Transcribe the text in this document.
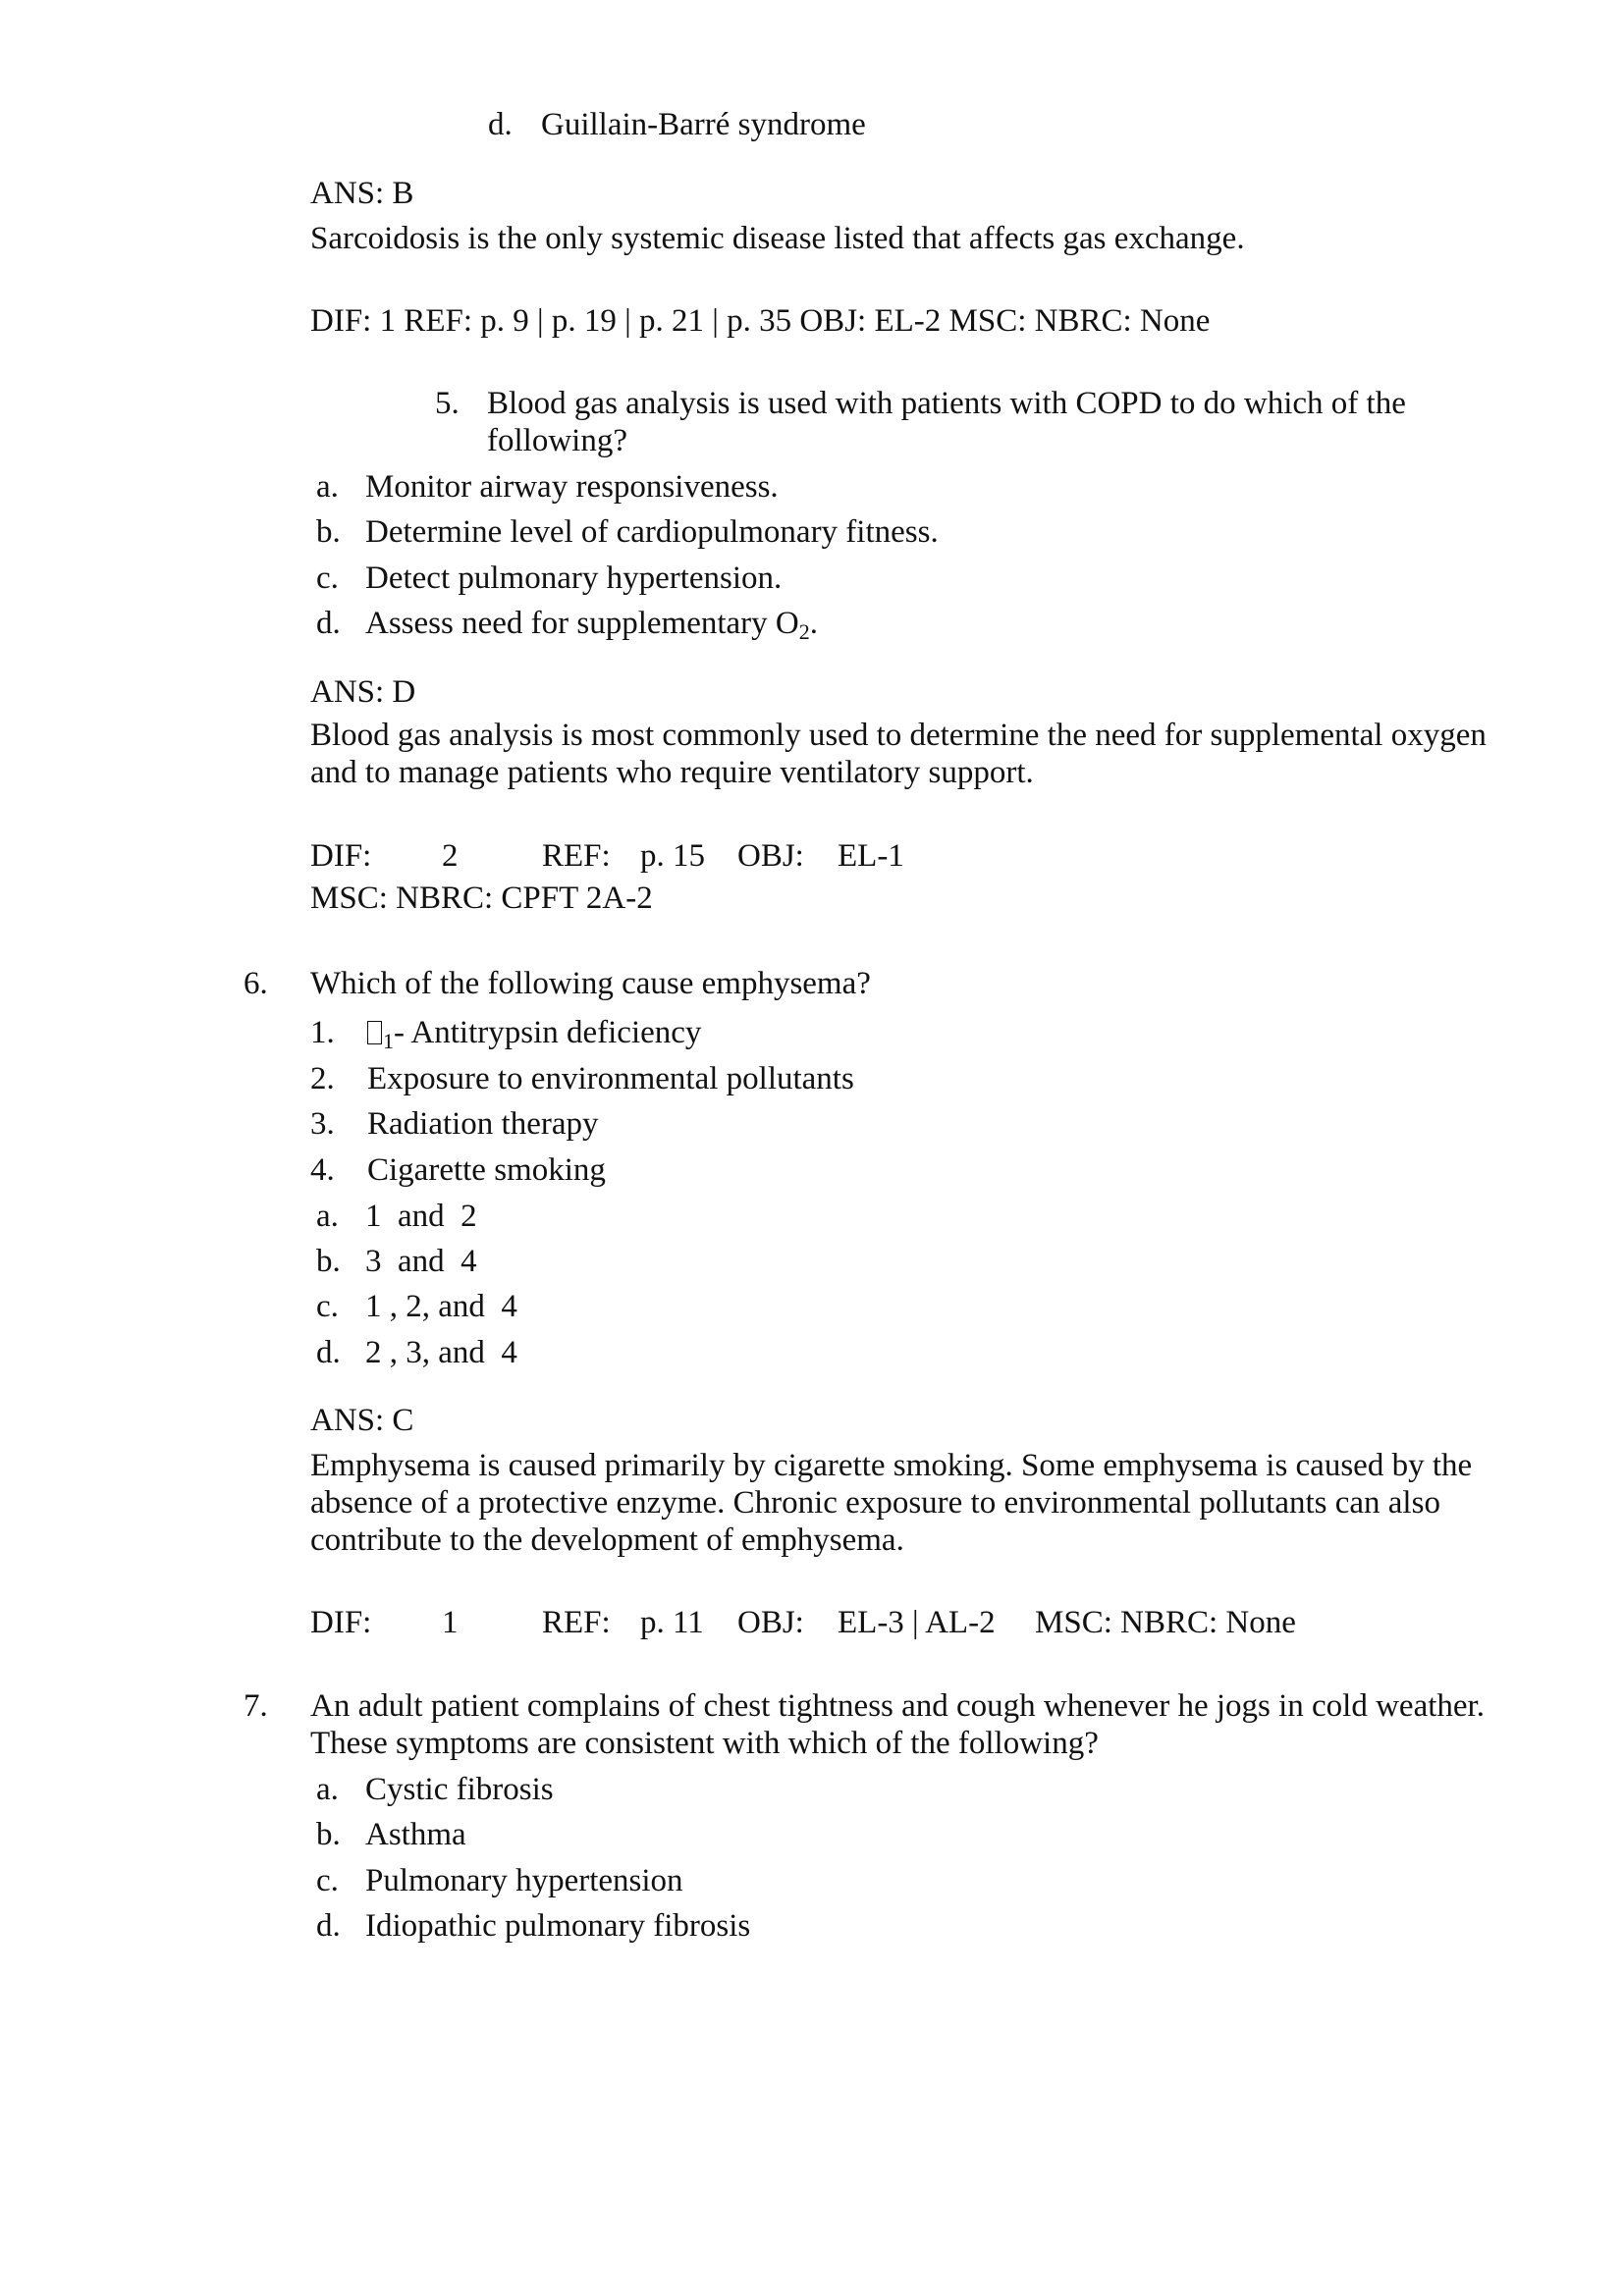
d. Guillain-Barré syndrome
ANS: B
Sarcoidosis is the only systemic disease listed that affects gas exchange.
DIF: 1 REF: p. 9 | p. 19 | p. 21 | p. 35 OBJ: EL-2 MSC: NBRC: None
5. Blood gas analysis is used with patients with COPD to do which of the
following?
a. Monitor airway responsiveness.
b. Determine level of cardiopulmonary fitness.
c. Detect pulmonary hypertension.
d. Assess need for supplementary $O_2$.
ANS: D
Blood gas analysis is most commonly used to determine the need for supplemental oxygen
and to manage patients who require ventilatory support.
DIF: 2	REF: p. 15 OBJ: EL-1
MSC: NBRC: CPFT 2A-2
6. Which of the following cause emphysema?
1.	$_1$- Antitrypsin deficiency
2. Exposure to environmental pollutants
3. Radiation therapy
4. Cigarette smoking
a. 1  and  2
b. 3  and  4
c. 1 , 2, and  4
d. 2 , 3, and  4
ANS: C
Emphysema is caused primarily by cigarette smoking. Some emphysema is caused by the
absence of a protective enzyme. Chronic exposure to environmental pollutants can also
contribute to the development of emphysema.
DIF: 1	REF: p. 11 OBJ: EL-3 | AL-2 MSC: NBRC: None
7. An adult patient complains of chest tightness and cough whenever he jogs in cold weather.
These symptoms are consistent with which of the following?
a. Cystic fibrosis
b. Asthma
c. Pulmonary hypertension
d. Idiopathic pulmonary fibrosis
